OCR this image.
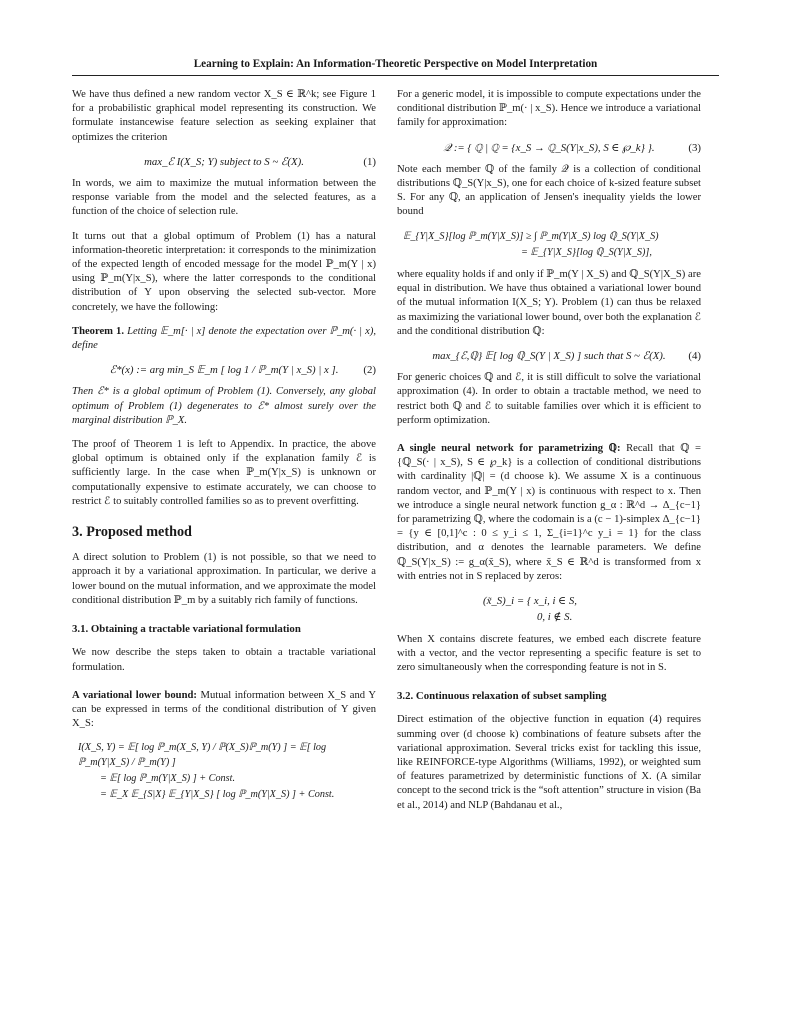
Learning to Explain: An Information-Theoretic Perspective on Model Interpretation

We have thus defined a new random vector X_S ∈ ℝ^k; see Figure 1 for a probabilistic graphical model representing its construction. We formulate instancewise feature selection as seeking explainer that optimizes the criterion

max_ℰ I(X_S; Y) subject to S ~ ℰ(X).	(1)

In words, we aim to maximize the mutual information between the response variable from the model and the selected features, as a function of the choice of selection rule.

It turns out that a global optimum of Problem (1) has a natural information-theoretic interpretation: it corresponds to the minimization of the expected length of encoded message for the model ℙ_m(Y | x) using ℙ_m(Y|x_S), where the latter corresponds to the conditional distribution of Y upon observing the selected sub-vector. More concretely, we have the following:

Theorem 1. Letting 𝔼_m[· | x] denote the expectation over ℙ_m(· | x), define

ℰ*(x) := arg min_S 𝔼_m [ log 1 / ℙ_m(Y | x_S) | x ]. (2)

Then ℰ* is a global optimum of Problem (1). Conversely, any global optimum of Problem (1) degenerates to ℰ* almost surely over the marginal distribution ℙ_X.

The proof of Theorem 1 is left to Appendix. In practice, the above global optimum is obtained only if the explanation family ℰ is sufficiently large. In the case when ℙ_m(Y|x_S) is unknown or computationally expensive to estimate accurately, we can choose to restrict ℰ to suitably controlled families so as to prevent overfitting.

3. Proposed method

A direct solution to Problem (1) is not possible, so that we need to approach it by a variational approximation. In particular, we derive a lower bound on the mutual information, and we approximate the model conditional distribution ℙ_m by a suitably rich family of functions.

3.1. Obtaining a tractable variational formulation

We now describe the steps taken to obtain a tractable variational formulation.

A variational lower bound: Mutual information between X_S and Y can be expressed in terms of the conditional distribution of Y given X_S:

I(X_S, Y) = 𝔼[ log ℙ_m(X_S, Y) / ℙ(X_S)ℙ_m(Y) ] = 𝔼[ log ℙ_m(Y|X_S) / ℙ_m(Y) ]
= 𝔼[ log ℙ_m(Y|X_S) ] + Const.
= 𝔼_X 𝔼_{S|X} 𝔼_{Y|X_S} [ log ℙ_m(Y|X_S) ] + Const.

For a generic model, it is impossible to compute expectations under the conditional distribution ℙ_m(· | x_S). Hence we introduce a variational family for approximation:

𝒬 := { ℚ | ℚ = {x_S → ℚ_S(Y|x_S), S ∈ ℘_k} }.	(3)

Note each member ℚ of the family 𝒬 is a collection of conditional distributions ℚ_S(Y|x_S), one for each choice of k-sized feature subset S. For any ℚ, an application of Jensen's inequality yields the lower bound

𝔼_{Y|X_S}[log ℙ_m(Y|X_S)] ≥ ∫ ℙ_m(Y|X_S) log ℚ_S(Y|X_S)
= 𝔼_{Y|X_S}[log ℚ_S(Y|X_S)],

where equality holds if and only if ℙ_m(Y | X_S) and ℚ_S(Y|X_S) are equal in distribution. We have thus obtained a variational lower bound of the mutual information I(X_S; Y). Problem (1) can thus be relaxed as maximizing the variational lower bound, over both the explanation ℰ and the conditional distribution ℚ:

max_{ℰ,ℚ} 𝔼[ log ℚ_S(Y | X_S) ] such that S ~ ℰ(X). (4)

For generic choices ℚ and ℰ, it is still difficult to solve the variational approximation (4). In order to obtain a tractable method, we need to restrict both ℚ and ℰ to suitable families over which it is efficient to perform optimization.

A single neural network for parametrizing ℚ: Recall that ℚ = {ℚ_S(· | x_S), S ∈ ℘_k} is a collection of conditional distributions with cardinality |ℚ| = (d choose k). We assume X is a continuous random vector, and ℙ_m(Y | x) is continuous with respect to x. Then we introduce a single neural network function g_α : ℝ^d → Δ_{c−1} for parametrizing ℚ, where the codomain is a (c − 1)-simplex Δ_{c−1} = {y ∈ [0,1]^c : 0 ≤ y_i ≤ 1, Σ_{i=1}^c y_i = 1} for the class distribution, and α denotes the learnable parameters. We define ℚ_S(Y|x_S) := g_α(x̃_S), where x̃_S ∈ ℝ^d is transformed from x with entries not in S replaced by zeros:

(x̃_S)_i = { x_i, i ∈ S,
0, i ∉ S.

When X contains discrete features, we embed each discrete feature with a vector, and the vector representing a specific feature is set to zero simultaneously when the corresponding feature is not in S.

3.2. Continuous relaxation of subset sampling

Direct estimation of the objective function in equation (4) requires summing over (d choose k) combinations of feature subsets after the variational approximation. Several tricks exist for tackling this issue, like REINFORCE-type Algorithms (Williams, 1992), or weighted sum of features parametrized by deterministic functions of X. (A similar concept to the second trick is the “soft attention” structure in vision (Ba et al., 2014) and NLP (Bahdanau et al.,
